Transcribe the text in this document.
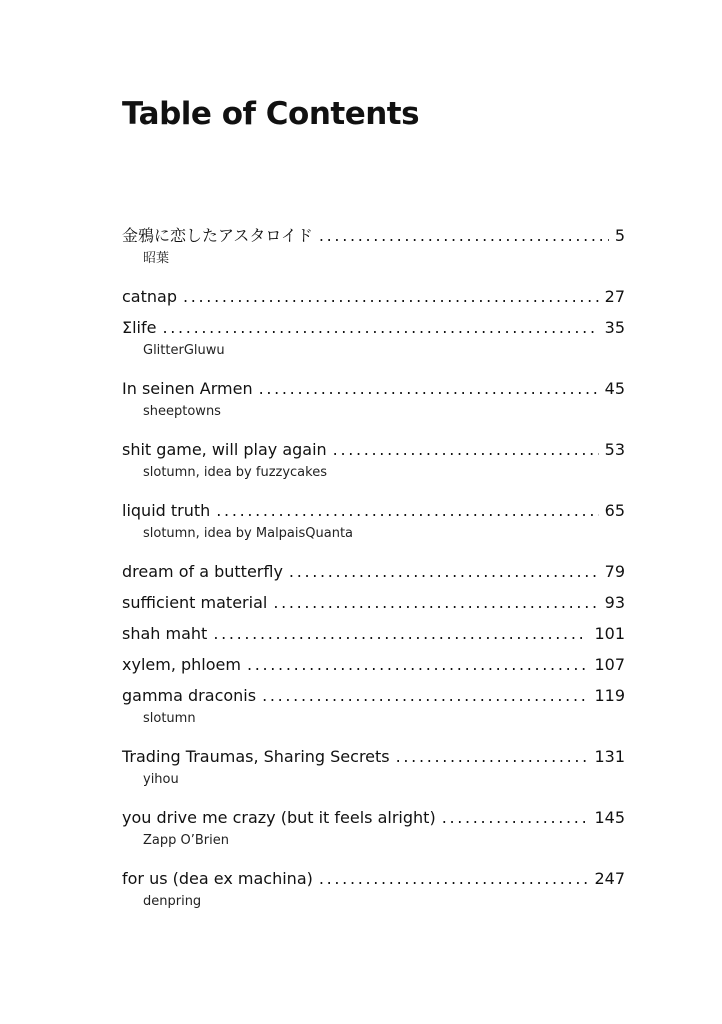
Table of Contents
金鴉に恋したアスタロイド . . .	5
昭葉
catnap . . .	27
Σlife . . .	35
GlitterGluwu
In seinen Armen . . .	45
sheeptowns
shit game, will play again . . .	53
slotumn, idea by fuzzycakes
liquid truth . . .	65
slotumn, idea by MalpaisQuanta
dream of a butterfly . . .	79
sufficient material . . .	93
shah maht . . .	101
xylem, phloem . . .	107
gamma draconis . . .	119
slotumn
Trading Traumas, Sharing Secrets . . .	131
yihou
you drive me crazy (but it feels alright) . . .	145
Zapp O’Brien
for us (dea ex machina) . . .	247
denpring
